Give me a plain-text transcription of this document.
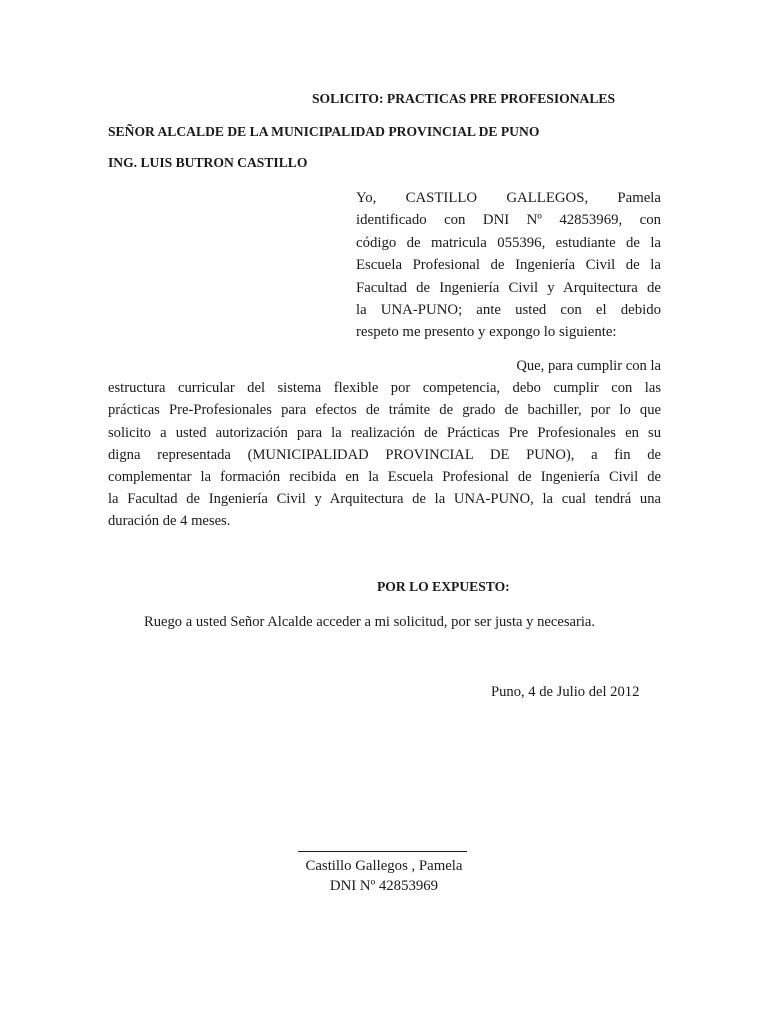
SOLICITO: PRACTICAS PRE PROFESIONALES
SEÑOR ALCALDE DE LA MUNICIPALIDAD PROVINCIAL DE PUNO
ING. LUIS BUTRON CASTILLO
Yo, CASTILLO GALLEGOS, Pamela
identificado con DNI Nº 42853969, con
código de matricula 055396, estudiante de la
Escuela Profesional de Ingeniería Civil de la
Facultad de Ingeniería Civil y Arquitectura de
la UNA-PUNO; ante usted con el debido
respeto me presento y expongo lo siguiente:
Que, para cumplir con la
estructura curricular del sistema flexible por competencia, debo cumplir con las
prácticas Pre-Profesionales para efectos de trámite de grado de bachiller, por lo que
solicito a usted autorización para la realización de Prácticas Pre Profesionales en su
digna representada (MUNICIPALIDAD PROVINCIAL DE PUNO), a fin de
complementar la formación recibida en la Escuela Profesional de Ingeniería Civil de
la Facultad de Ingeniería Civil y Arquitectura de la UNA-PUNO, la cual tendrá una
duración de 4 meses.
POR LO EXPUESTO:
Ruego a usted Señor Alcalde acceder a mi solicitud, por ser justa y necesaria.
Puno, 4 de Julio del 2012
Castillo Gallegos , Pamela
DNI Nº 42853969
